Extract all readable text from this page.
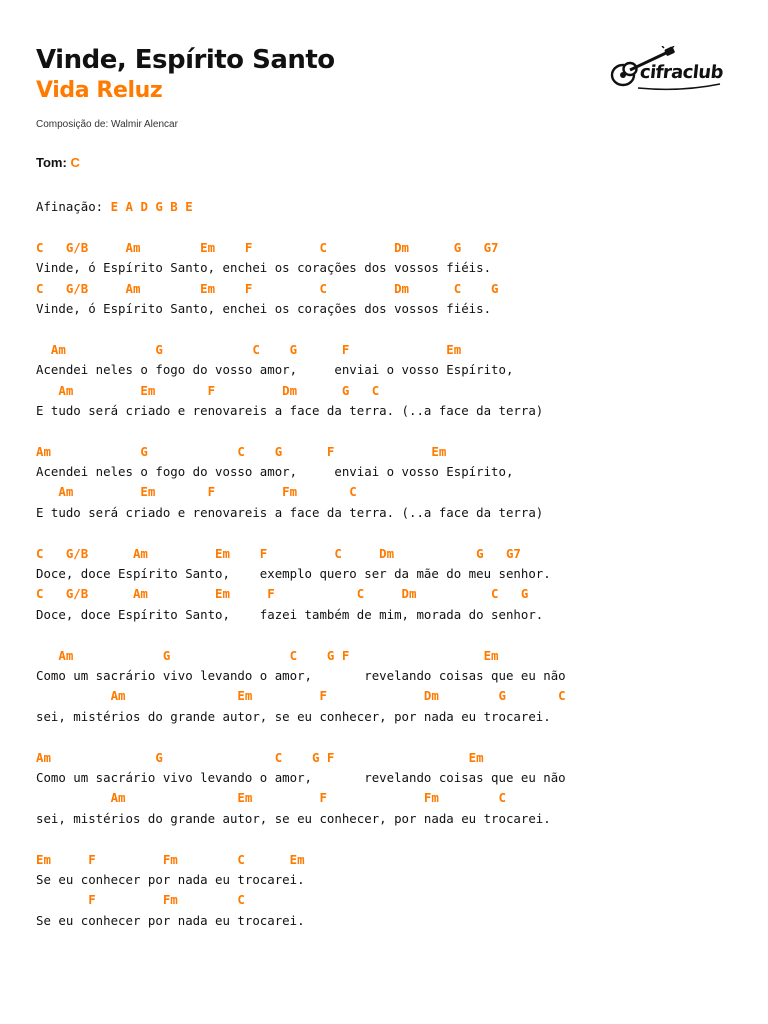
Vinde, Espírito Santo
Vida Reluz
Composição de: Walmir Alencar
Tom: C
cifraclub
Afinação: E A D G B E

C   G/B     Am        Em    F         C         Dm      G   G7
Vinde, ó Espírito Santo, enchei os corações dos vossos fiéis.
C   G/B     Am        Em    F         C         Dm      C    G
Vinde, ó Espírito Santo, enchei os corações dos vossos fiéis.

Am            G            C    G      F             Em
Acendei neles o fogo do vosso amor,     enviai o vosso Espírito,
Am         Em       F         Dm      G   C
E tudo será criado e renovareis a face da terra. (..a face da terra)

Am            G            C    G      F             Em
Acendei neles o fogo do vosso amor,     enviai o vosso Espírito,
Am         Em       F         Fm       C
E tudo será criado e renovareis a face da terra. (..a face da terra)

C   G/B      Am         Em    F         C     Dm           G   G7
Doce, doce Espírito Santo,    exemplo quero ser da mãe do meu senhor.
C   G/B      Am         Em     F           C     Dm          C   G
Doce, doce Espírito Santo,    fazei também de mim, morada do senhor.

Am            G                C    G F                  Em
Como um sacrário vivo levando o amor,       revelando coisas que eu não
Am               Em         F             Dm        G       C
sei, mistérios do grande autor, se eu conhecer, por nada eu trocarei.

Am              G               C    G F                  Em
Como um sacrário vivo levando o amor,       revelando coisas que eu não
Am               Em         F             Fm        C
sei, mistérios do grande autor, se eu conhecer, por nada eu trocarei.

Em     F         Fm        C      Em
Se eu conhecer por nada eu trocarei.
F         Fm        C
Se eu conhecer por nada eu trocarei.
